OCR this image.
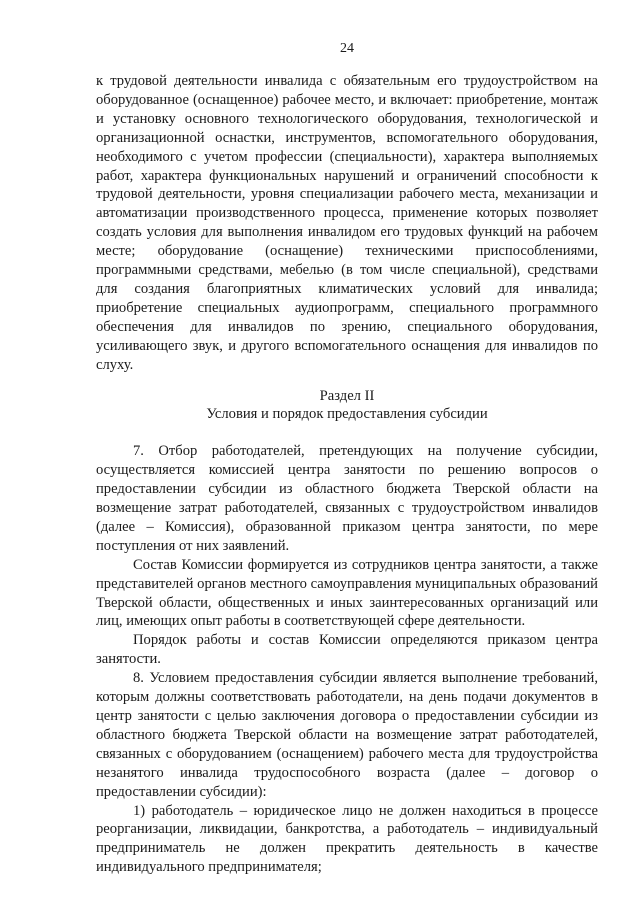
24

к трудовой деятельности инвалида с обязательным его трудоустройством на оборудованное (оснащенное) рабочее место, и включает: приобретение, монтаж и установку основного технологического оборудования, технологической и организационной оснастки, инструментов, вспомогательного оборудования, необходимого с учетом профессии (специальности), характера выполняемых работ, характера функциональных нарушений и ограничений способности к трудовой деятельности, уровня специализации рабочего места, механизации и автоматизации производственного процесса, применение которых позволяет создать условия для выполнения инвалидом его трудовых функций на рабочем месте; оборудование (оснащение) техническими приспособлениями, программными средствами, мебелью (в том числе специальной), средствами для создания благоприятных климатических условий для инвалида; приобретение специальных аудиопрограмм, специального программного обеспечения для инвалидов по зрению, специального оборудования, усиливающего звук, и другого вспомогательного оснащения для инвалидов по слуху.

Раздел II

Условия и порядок предоставления субсидии

7. Отбор работодателей, претендующих на получение субсидии, осуществляется комиссией центра занятости по решению вопросов о предоставлении субсидии из областного бюджета Тверской области на возмещение затрат работодателей, связанных с трудоустройством инвалидов (далее – Комиссия), образованной приказом центра занятости, по мере поступления от них заявлений.

Состав Комиссии формируется из сотрудников центра занятости, а также представителей органов местного самоуправления муниципальных образований Тверской области, общественных и иных заинтересованных организаций или лиц, имеющих опыт работы в соответствующей сфере деятельности.

Порядок работы и состав Комиссии определяются приказом центра занятости.

8. Условием предоставления субсидии является выполнение требований, которым должны соответствовать работодатели, на день подачи документов в центр занятости с целью заключения договора о предоставлении субсидии из областного бюджета Тверской области на возмещение затрат работодателей, связанных с оборудованием (оснащением) рабочего места для трудоустройства незанятого инвалида трудоспособного возраста (далее – договор о предоставлении субсидии):

1) работодатель – юридическое лицо не должен находиться в процессе реорганизации, ликвидации, банкротства, а работодатель – индивидуальный предприниматель не должен прекратить деятельность в качестве индивидуального предпринимателя;
